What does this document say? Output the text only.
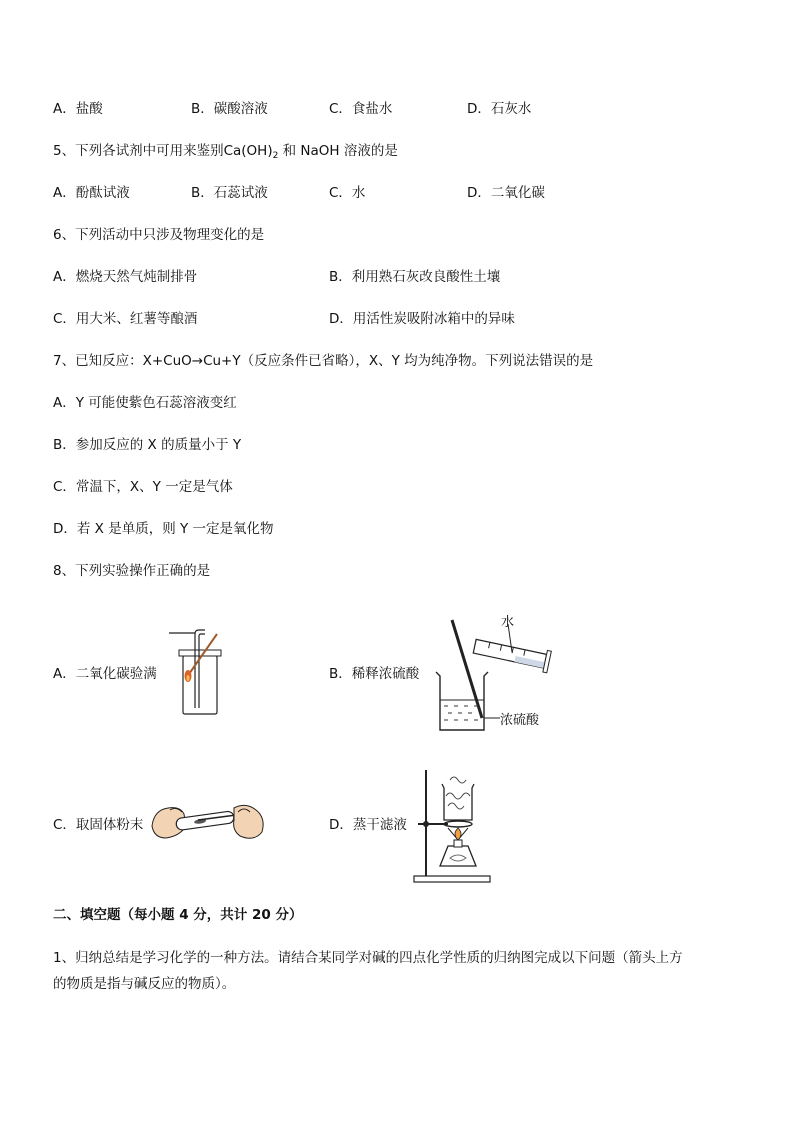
A．盐酸	B．碳酸溶液	C．食盐水	D．石灰水
5、下列各试剂中可用来鉴别$Ca(OH)_2$ 和 NaOH 溶液的是
A．酚酞试液	B．石蕊试液	C．水	D．二氧化碳
6、下列活动中只涉及物理变化的是
A．燃烧天然气炖制排骨	B．利用熟石灰改良酸性土壤
C．用大米、红薯等酿酒	D．用活性炭吸附冰箱中的异味
7、已知反应：X+CuO→Cu+Y（反应条件已省略），X、Y 均为纯净物。下列说法错误的是
A．Y 可能使紫色石蕊溶液变红
B．参加反应的 X 的质量小于 Y
C．常温下，X、Y 一定是气体
D．若 X 是单质，则 Y 一定是氧化物
8、下列实验操作正确的是
A．二氧化碳验满	B．稀释浓硫酸
水
浓硫酸
C．取固体粉末	D．蒸干滤液
二、填空题（每小题 4 分，共计 20 分）
1、归纳总结是学习化学的一种方法。请结合某同学对碱的四点化学性质的归纳图完成以下问题（箭头上方
的物质是指与碱反应的物质）。
